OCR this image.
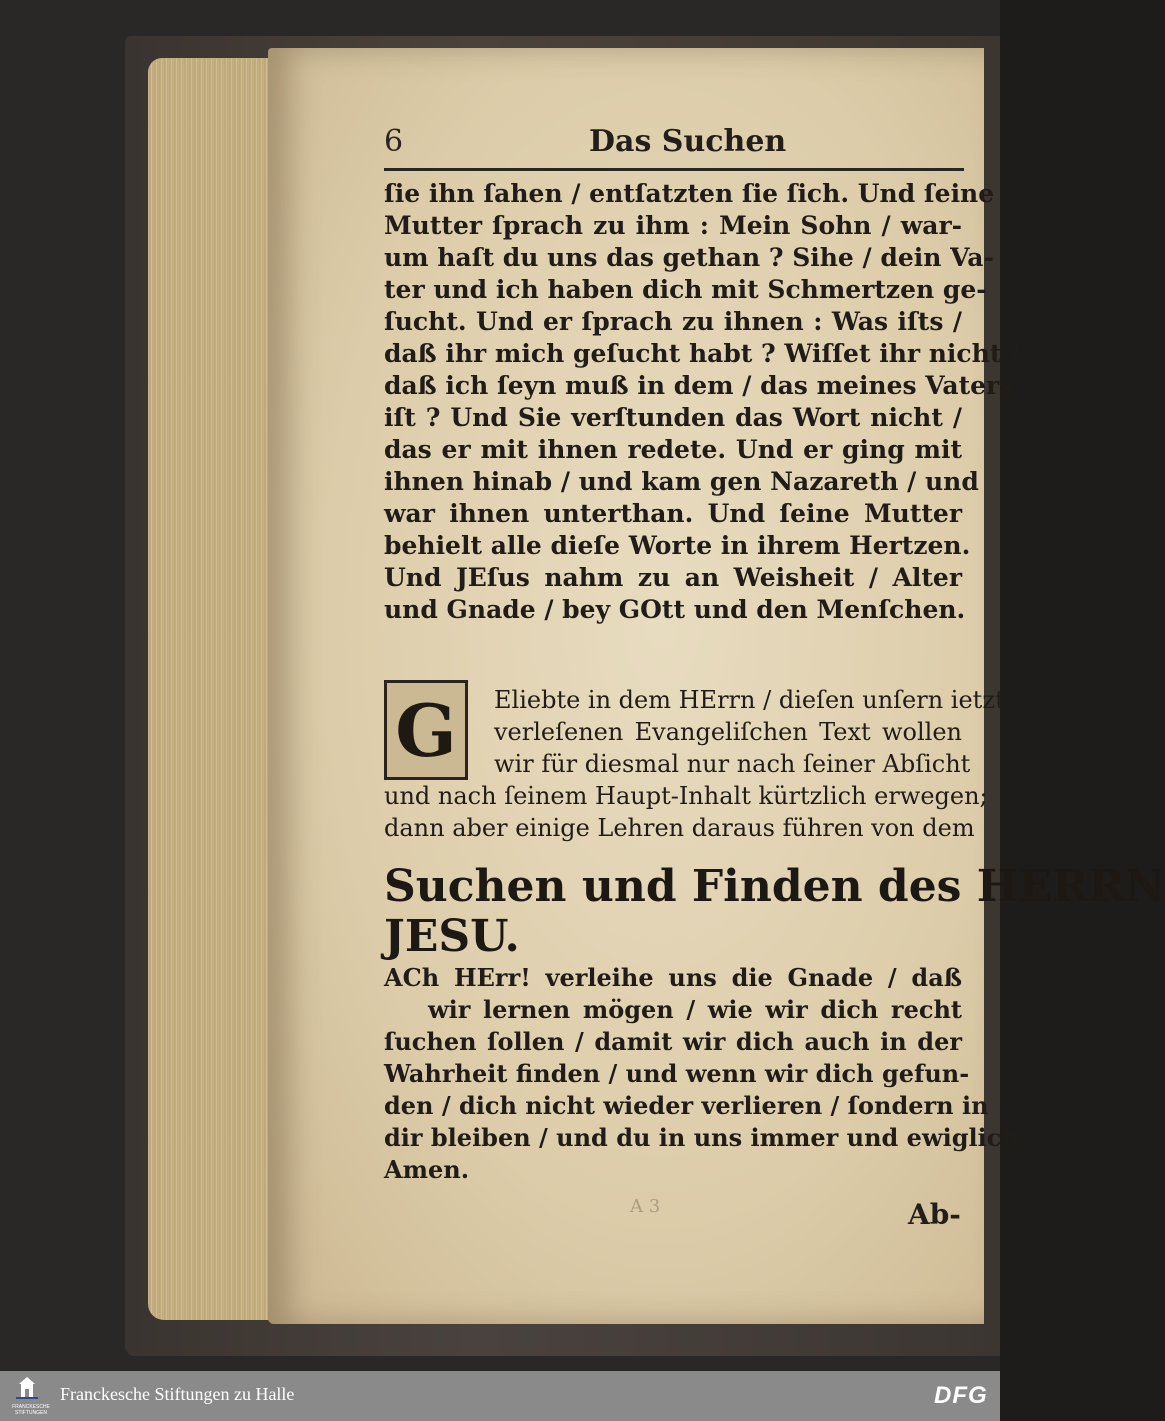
6	Das Suchen
ſie ihn ſahen / entſatzten ſie ſich. Und ſeine
Mutter ſprach zu ihm : Mein Sohn / war-
um haſt du uns das gethan ? Sihe / dein Va-
ter und ich haben dich mit Schmertzen ge-
ſucht. Und er ſprach zu ihnen : Was iſts /
daß ihr mich geſucht habt ? Wiſſet ihr nicht /
daß ich ſeyn muß in dem / das meines Vaters
iſt ? Und Sie verſtunden das Wort nicht /
das er mit ihnen redete. Und er ging mit
ihnen hinab / und kam gen Nazareth / und
war ihnen unterthan. Und ſeine Mutter
behielt alle dieſe Worte in ihrem Hertzen.
Und JEſus nahm zu an Weisheit / Alter
und Gnade / bey GOtt und den Menſchen.
G	Eliebte in dem HErrn / dieſen unſern ietzt
verleſenen Evangeliſchen Text wollen
wir für diesmal nur nach ſeiner Abſicht
und nach ſeinem Haupt-Inhalt kürtzlich erwegen;
dann aber einige Lehren daraus führen von dem
Suchen und Finden des HERRN
JESU.
ACh HErr! verleihe uns die Gnade / daß
wir lernen mögen / wie wir dich recht
ſuchen ſollen / damit wir dich auch in der
Wahrheit finden / und wenn wir dich gefun-
den / dich nicht wieder verlieren / ſondern in
dir bleiben / und du in uns immer und ewiglich,
Amen.
A 3	Ab-
FRANCKESCHE
STIFTUNGEN
Franckesche Stiftungen zu Halle	DFG
